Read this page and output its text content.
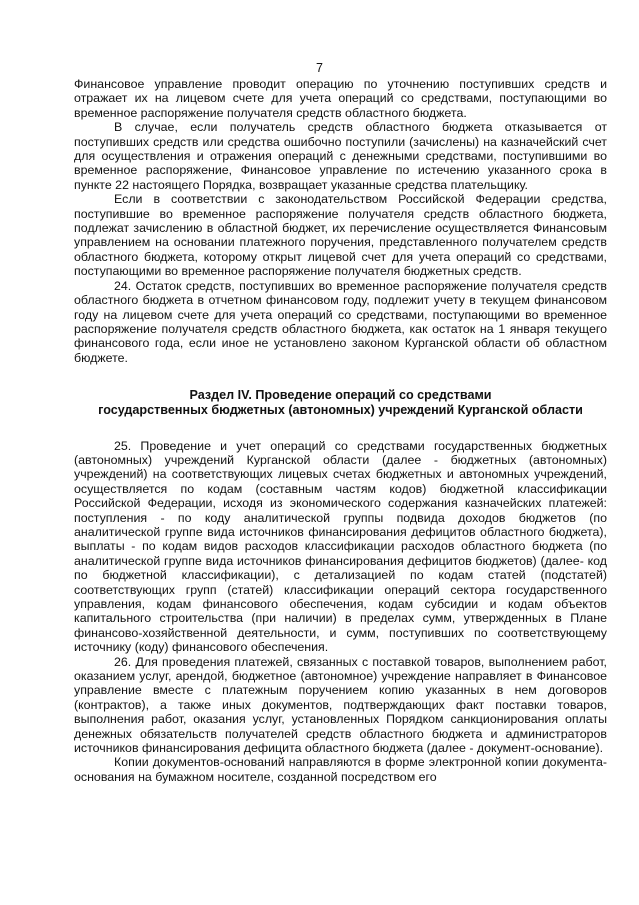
7

Финансовое управление проводит операцию по уточнению поступивших средств и отражает их на лицевом счете для учета операций со средствами, поступающими во временное распоряжение получателя средств областного бюджета.

В случае, если получатель средств областного бюджета отказывается от поступивших средств или средства ошибочно поступили (зачислены) на казначейский счет для осуществления и отражения операций с денежными средствами, поступившими во временное распоряжение, Финансовое управление по истечению указанного срока в пункте 22 настоящего Порядка, возвращает указанные средства плательщику.

Если в соответствии с законодательством Российской Федерации средства, поступившие во временное распоряжение получателя средств областного бюджета, подлежат зачислению в областной бюджет, их перечисление осуществляется Финансовым управлением на основании платежного поручения, представленного получателем средств областного бюджета, которому открыт лицевой счет для учета операций со средствами, поступающими во временное распоряжение получателя бюджетных средств.

24. Остаток средств, поступивших во временное распоряжение получателя средств областного бюджета в отчетном финансовом году, подлежит учету в текущем финансовом году на лицевом счете для учета операций со средствами, поступающими во временное распоряжение получателя средств областного бюджета, как остаток на 1 января текущего финансового года, если иное не установлено законом Курганской области об областном бюджете.

Раздел IV. Проведение операций со средствами
государственных бюджетных (автономных) учреждений Курганской области

25. Проведение и учет операций со средствами государственных бюджетных (автономных) учреждений Курганской области (далее - бюджетных (автономных) учреждений) на соответствующих лицевых счетах бюджетных и автономных учреждений, осуществляется по кодам (составным частям кодов) бюджетной классификации Российской Федерации, исходя из экономического содержания казначейских платежей: поступления - по коду аналитической группы подвида доходов бюджетов (по аналитической группе вида источников финансирования дефицитов областного бюджета), выплаты - по кодам видов расходов классификации расходов областного бюджета (по аналитической группе вида источников финансирования дефицитов бюджетов) (далее- код по бюджетной классификации), с детализацией по кодам статей (подстатей) соответствующих групп (статей) классификации операций сектора государственного управления, кодам финансового обеспечения, кодам субсидии и кодам объектов капитального строительства (при наличии) в пределах сумм, утвержденных в Плане финансово-хозяйственной деятельности, и сумм, поступивших по соответствующему источнику (коду) финансового обеспечения.

26. Для проведения платежей, связанных с поставкой товаров, выполнением работ, оказанием услуг, арендой, бюджетное (автономное) учреждение направляет в Финансовое управление вместе с платежным поручением копию указанных в нем договоров (контрактов), а также иных документов, подтверждающих факт поставки товаров, выполнения работ, оказания услуг, установленных Порядком санкционирования оплаты денежных обязательств получателей средств областного бюджета и администраторов источников финансирования дефицита областного бюджета (далее - документ-основание).

Копии документов-оснований направляются в форме электронной копии документа-основания на бумажном носителе, созданной посредством его
